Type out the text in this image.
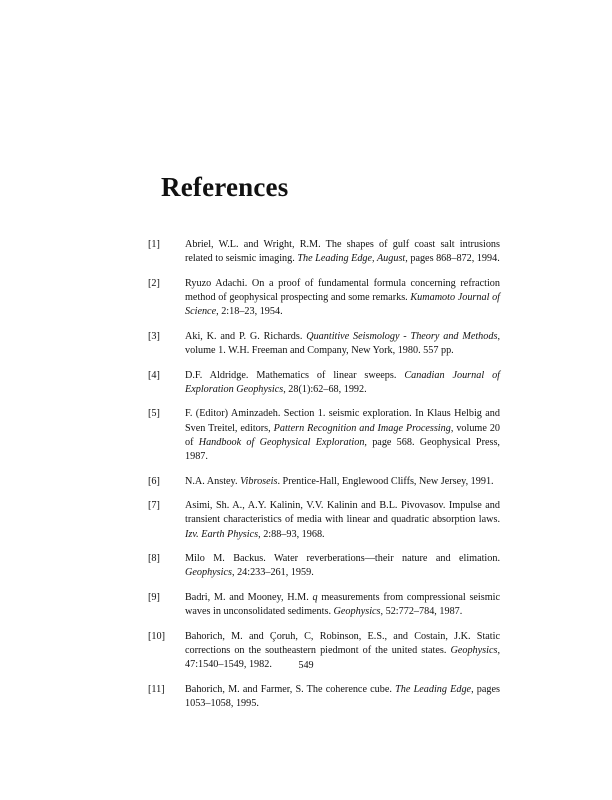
References
[1]	Abriel, W.L. and Wright, R.M. The shapes of gulf coast salt intrusions related to seismic imaging. The Leading Edge, August, pages 868–872, 1994.
[2]	Ryuzo Adachi. On a proof of fundamental formula concerning refraction method of geophysical prospecting and some remarks. Kumamoto Journal of Science, 2:18–23, 1954.
[3]	Aki, K. and P. G. Richards. Quantitive Seismology - Theory and Methods, volume 1. W.H. Freeman and Company, New York, 1980. 557 pp.
[4]	D.F. Aldridge. Mathematics of linear sweeps. Canadian Journal of Exploration Geophysics, 28(1):62–68, 1992.
[5]	F. (Editor) Aminzadeh. Section 1. seismic exploration. In Klaus Helbig and Sven Treitel, editors, Pattern Recognition and Image Processing, volume 20 of Handbook of Geophysical Exploration, page 568. Geophysical Press, 1987.
[6]	N.A. Anstey. Vibroseis. Prentice-Hall, Englewood Cliffs, New Jersey, 1991.
[7]	Asimi, Sh. A., A.Y. Kalinin, V.V. Kalinin and B.L. Pivovasov. Impulse and transient characteristics of media with linear and quadratic absorption laws. Izv. Earth Physics, 2:88–93, 1968.
[8]	Milo M. Backus. Water reverberations—their nature and elimation. Geophysics, 24:233–261, 1959.
[9]	Badri, M. and Mooney, H.M. q measurements from compressional seismic waves in unconsolidated sediments. Geophysics, 52:772–784, 1987.
[10]	Bahorich, M. and Çoruh, C, Robinson, E.S., and Costain, J.K. Static corrections on the southeastern piedmont of the united states. Geophysics, 47:1540–1549, 1982.
[11]	Bahorich, M. and Farmer, S. The coherence cube. The Leading Edge, pages 1053–1058, 1995.
549
